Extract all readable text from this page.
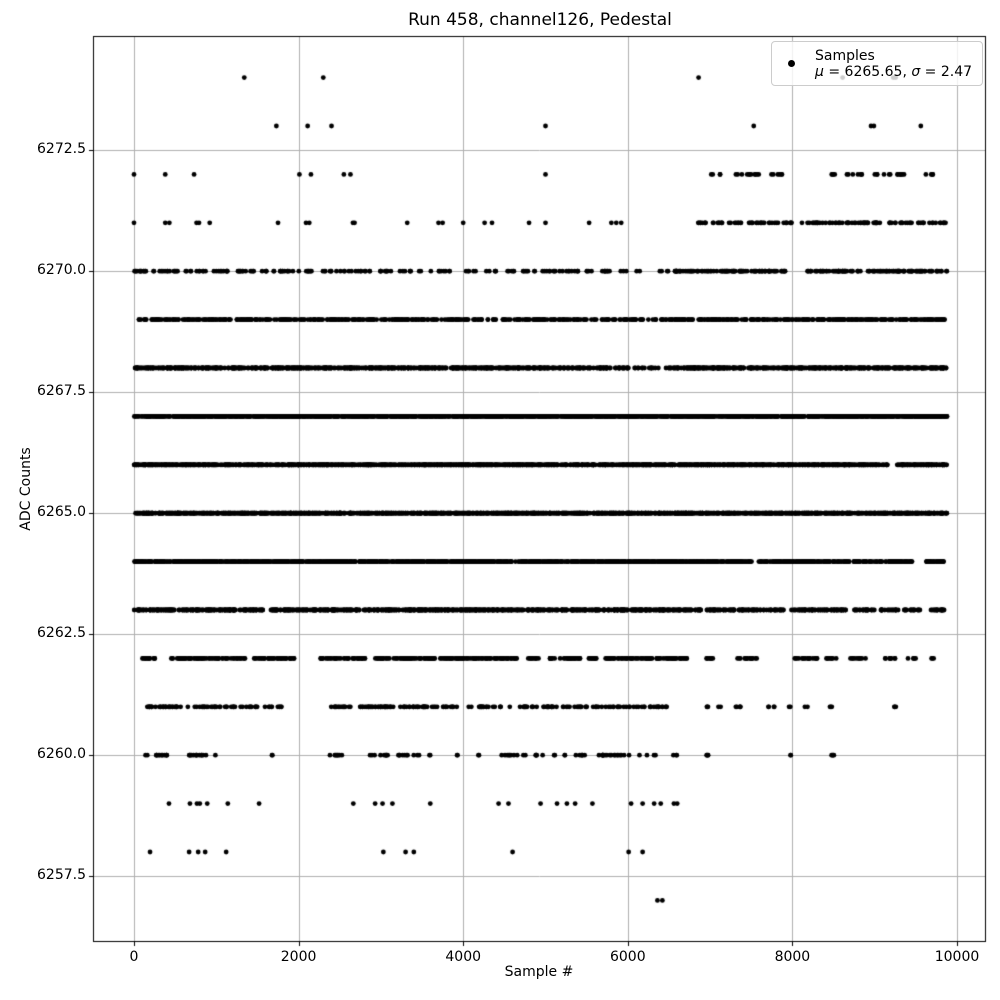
Run 458, channel126, Pedestal
Sample #
ADC Counts
0	2000	4000	6000	8000	10000
6272.5
6270.0
6267.5
6265.0
6262.5
6260.0
6257.5
Samples
μ = 6265.65, σ = 2.47
